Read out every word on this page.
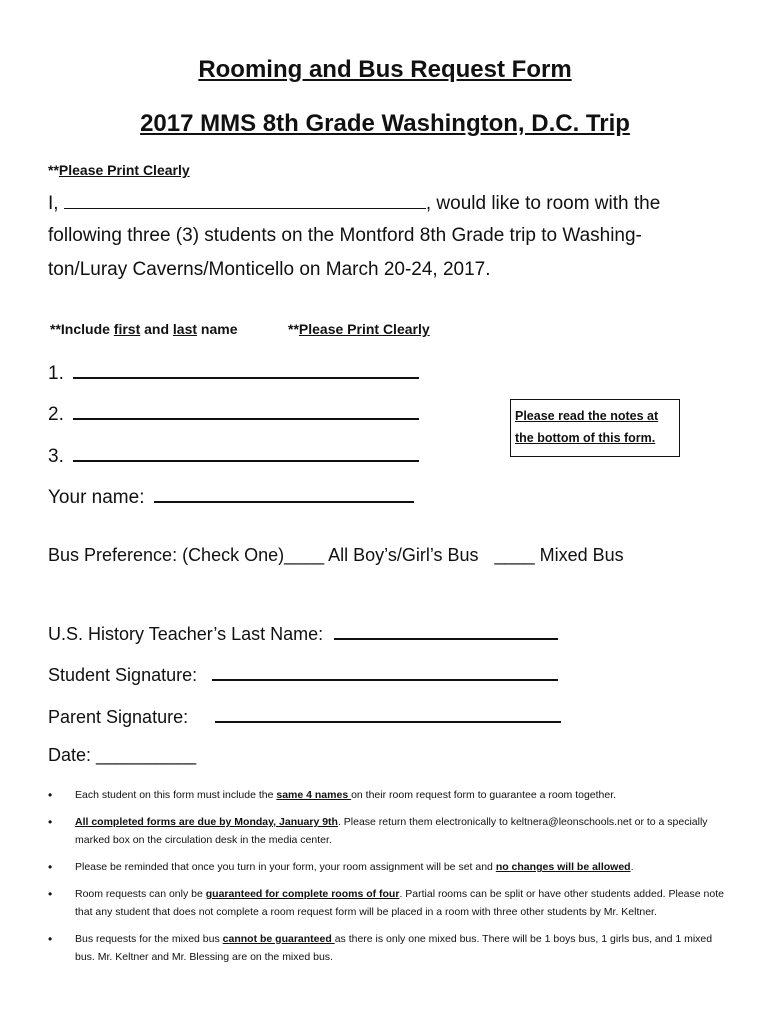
Rooming and Bus Request Form
2017 MMS 8th Grade Washington, D.C. Trip
**Please Print Clearly
I,	, would like to room with the
following three (3) students on the Montford 8th Grade trip to Washing-
ton/Luray Caverns/Monticello on March 20-24, 2017.
**Include first and last name	**Please Print Clearly
1.
2.
3.
Please read the notes at
the bottom of this form.
Your name:
Bus Preference: (Check One)____ All Boy’s/Girl’s Bus ____ Mixed Bus
U.S. History Teacher’s Last Name:
Student Signature:
Parent Signature:
Date: __________
• Each student on this form must include the same 4 names on their room request form to guarantee a room together.
• All completed forms are due by Monday, January 9th. Please return them electronically to keltnera@leonschools.net or to a specially marked box on the circulation desk in the media center.
• Please be reminded that once you turn in your form, your room assignment will be set and no changes will be allowed.
• Room requests can only be guaranteed for complete rooms of four. Partial rooms can be split or have other students added. Please note that any student that does not complete a room request form will be placed in a room with three other students by Mr. Keltner.
• Bus requests for the mixed bus cannot be guaranteed as there is only one mixed bus. There will be 1 boys bus, 1 girls bus, and 1 mixed bus. Mr. Keltner and Mr. Blessing are on the mixed bus.
